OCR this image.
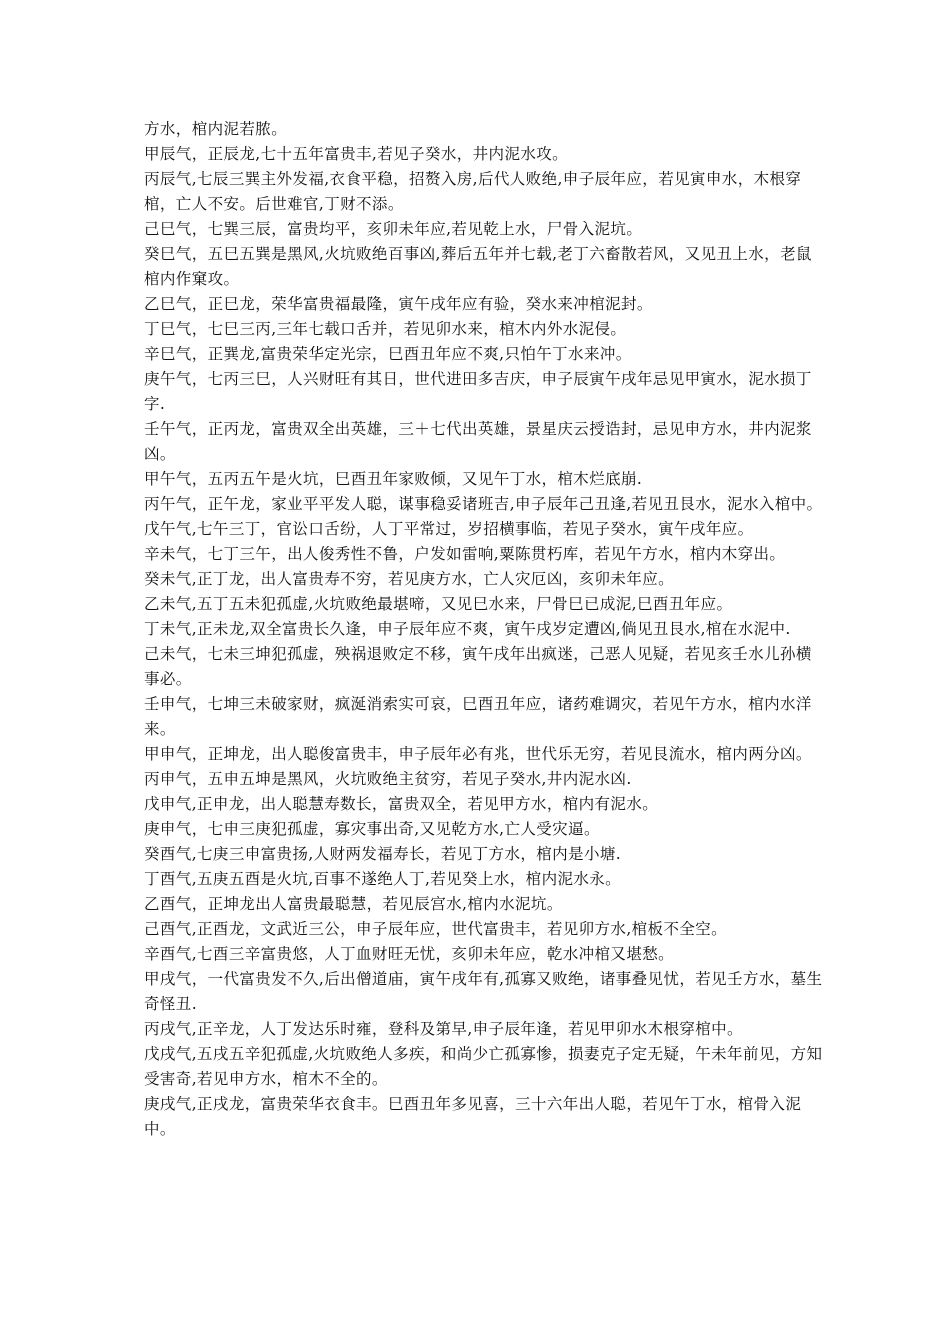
方水，棺内泥若脓。

甲辰气，正辰龙,七十五年富贵丰,若见子癸水，井内泥水攻。

丙辰气,七辰三巽主外发福,衣食平稳，招赘入房,后代人败绝,申子辰年应，若见寅申水，木根穿棺，亡人不安。后世难官,丁财不添。

己巳气，七巽三辰，富贵均平，亥卯未年应,若见乾上水，尸骨入泥坑。

癸巳气，五巳五巽是黑风,火坑败绝百事凶,葬后五年并七载,老丁六畜散若风，又见丑上水，老鼠棺内作窠攻。

乙巳气，正巳龙，荣华富贵福最隆，寅午戌年应有验，癸水来冲棺泥封。

丁巳气，七巳三丙,三年七载口舌并，若见卯水来，棺木内外水泥侵。

辛巳气，正巽龙,富贵荣华定光宗，巳酉丑年应不爽,只怕午丁水来冲。

庚午气，七丙三巳，人兴财旺有其日，世代进田多吉庆，申子辰寅午戌年忌见甲寅水，泥水损丁字.

壬午气，正丙龙，富贵双全出英雄，三＋七代出英雄，景星庆云授诰封，忌见申方水，井内泥浆凶。

甲午气，五丙五午是火坑，巳酉丑年家败倾，又见午丁水，棺木烂底崩.

丙午气，正午龙，家业平平发人聪，谋事稳妥诸班吉,申子辰年己丑逢,若见丑艮水，泥水入棺中。

戊午气,七午三丁，官讼口舌纷，人丁平常过，岁招横事临，若见子癸水，寅午戌年应。

辛未气，七丁三午，出人俊秀性不鲁，户发如雷响,粟陈贯朽库，若见午方水，棺内木穿出。

癸未气,正丁龙，出人富贵寿不穷，若见庚方水，亡人灾厄凶，亥卯未年应。

乙未气,五丁五未犯孤虚,火坑败绝最堪啼，又见巳水来，尸骨巳已成泥,巳酉丑年应。

丁未气,正未龙,双全富贵长久逢，申子辰年应不爽，寅午戌岁定遭凶,倘见丑艮水,棺在水泥中.

己未气，七未三坤犯孤虚，殃祸退败定不移，寅午戌年出疯迷，己恶人见疑，若见亥壬水儿孙横事必。

壬申气，七坤三未破家财，疯涎消索实可哀，巳酉丑年应，诸药难调灾，若见午方水，棺内水洋来。

甲申气，正坤龙，出人聪俊富贵丰，申子辰年必有兆，世代乐无穷，若见艮流水，棺内两分凶。

丙申气，五申五坤是黑风，火坑败绝主贫穷，若见子癸水,井内泥水凶.

戊申气,正申龙，出人聪慧寿数长，富贵双全，若见甲方水，棺内有泥水。

庚申气，七申三庚犯孤虚，寡灾事出奇,又见乾方水,亡人受灾逼。

癸酉气,七庚三申富贵扬,人财两发福寿长，若见丁方水，棺内是小塘.

丁酉气,五庚五酉是火坑,百事不遂绝人丁,若见癸上水，棺内泥水永。

乙酉气，正坤龙出人富贵最聪慧，若见辰宫水,棺内水泥坑。

己酉气,正酉龙，文武近三公，申子辰年应，世代富贵丰，若见卯方水,棺板不全空。

辛酉气,七酉三辛富贵悠，人丁血财旺无忧，亥卯未年应，乾水冲棺又堪愁。

甲戌气，一代富贵发不久,后出僧道庙，寅午戌年有,孤寡又败绝，诸事叠见忧，若见壬方水，墓生奇怪丑.

丙戌气,正辛龙，人丁发达乐时雍，登科及第早,申子辰年逢，若见甲卯水木根穿棺中。

戊戌气,五戌五辛犯孤虚,火坑败绝人多疾，和尚少亡孤寡惨，损妻克子定无疑，午未年前见，方知受害奇,若见申方水，棺木不全的。

庚戌气,正戌龙，富贵荣华衣食丰。巳酉丑年多见喜，三十六年出人聪，若见午丁水，棺骨入泥中。
